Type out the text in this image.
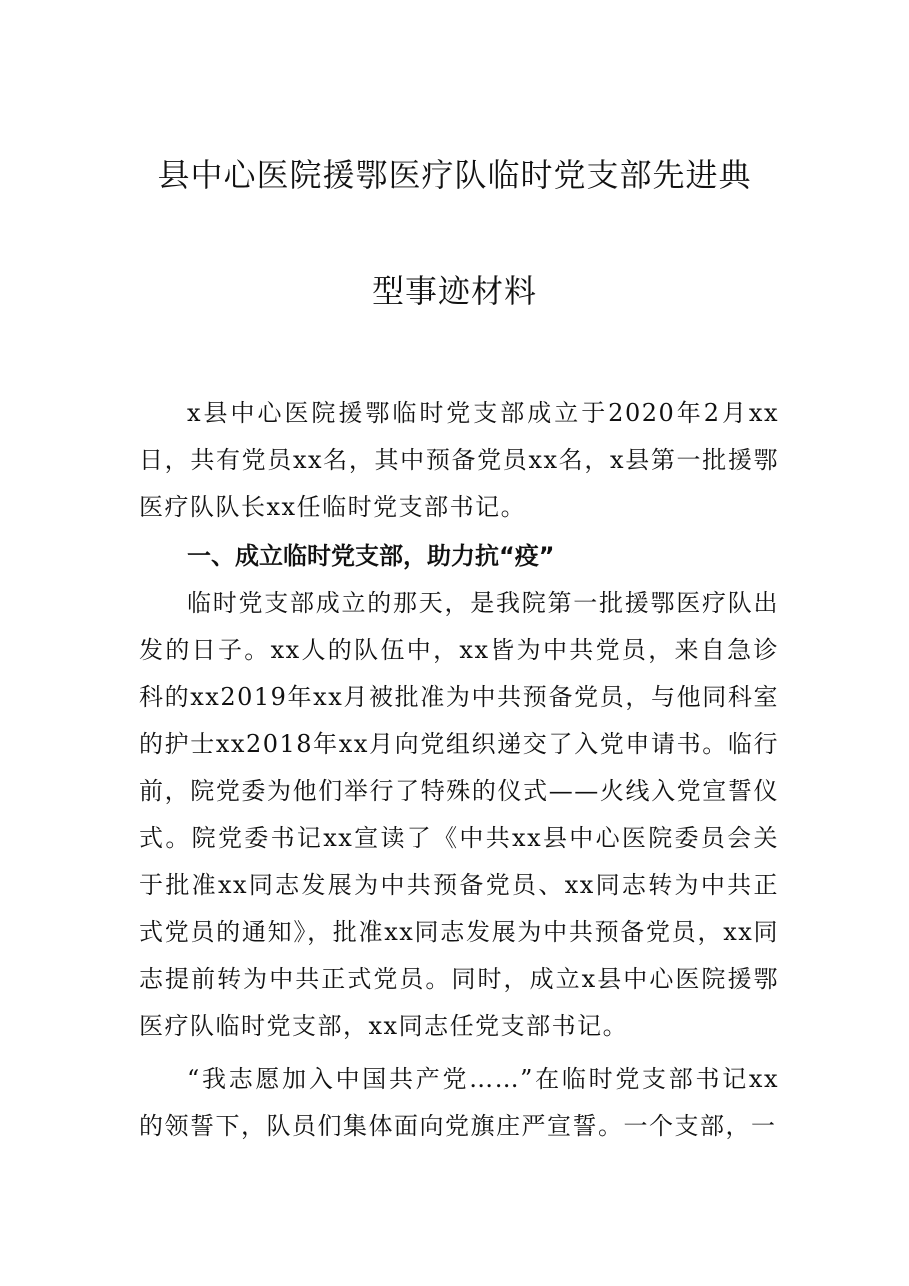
县中心医院援鄂医疗队临时党支部先进典
型事迹材料

x县中心医院援鄂临时党支部成立于2020年2月xx日，共有党员xx名，其中预备党员xx名，x县第一批援鄂医疗队队长xx任临时党支部书记。

一、成立临时党支部，助力抗“疫”

临时党支部成立的那天，是我院第一批援鄂医疗队出发的日子。xx人的队伍中，xx皆为中共党员，来自急诊科的xx2019年xx月被批准为中共预备党员，与他同科室的护士xx2018年xx月向党组织递交了入党申请书。临行前，院党委为他们举行了特殊的仪式——火线入党宣誓仪式。院党委书记xx宣读了《中共xx县中心医院委员会关于批准xx同志发展为中共预备党员、xx同志转为中共正式党员的通知》，批准xx同志发展为中共预备党员，xx同志提前转为中共正式党员。同时，成立x县中心医院援鄂医疗队临时党支部，xx同志任党支部书记。

“我志愿加入中国共产党……”在临时党支部书记xx的领誓下，队员们集体面向党旗庄严宣誓。一个支部，一
